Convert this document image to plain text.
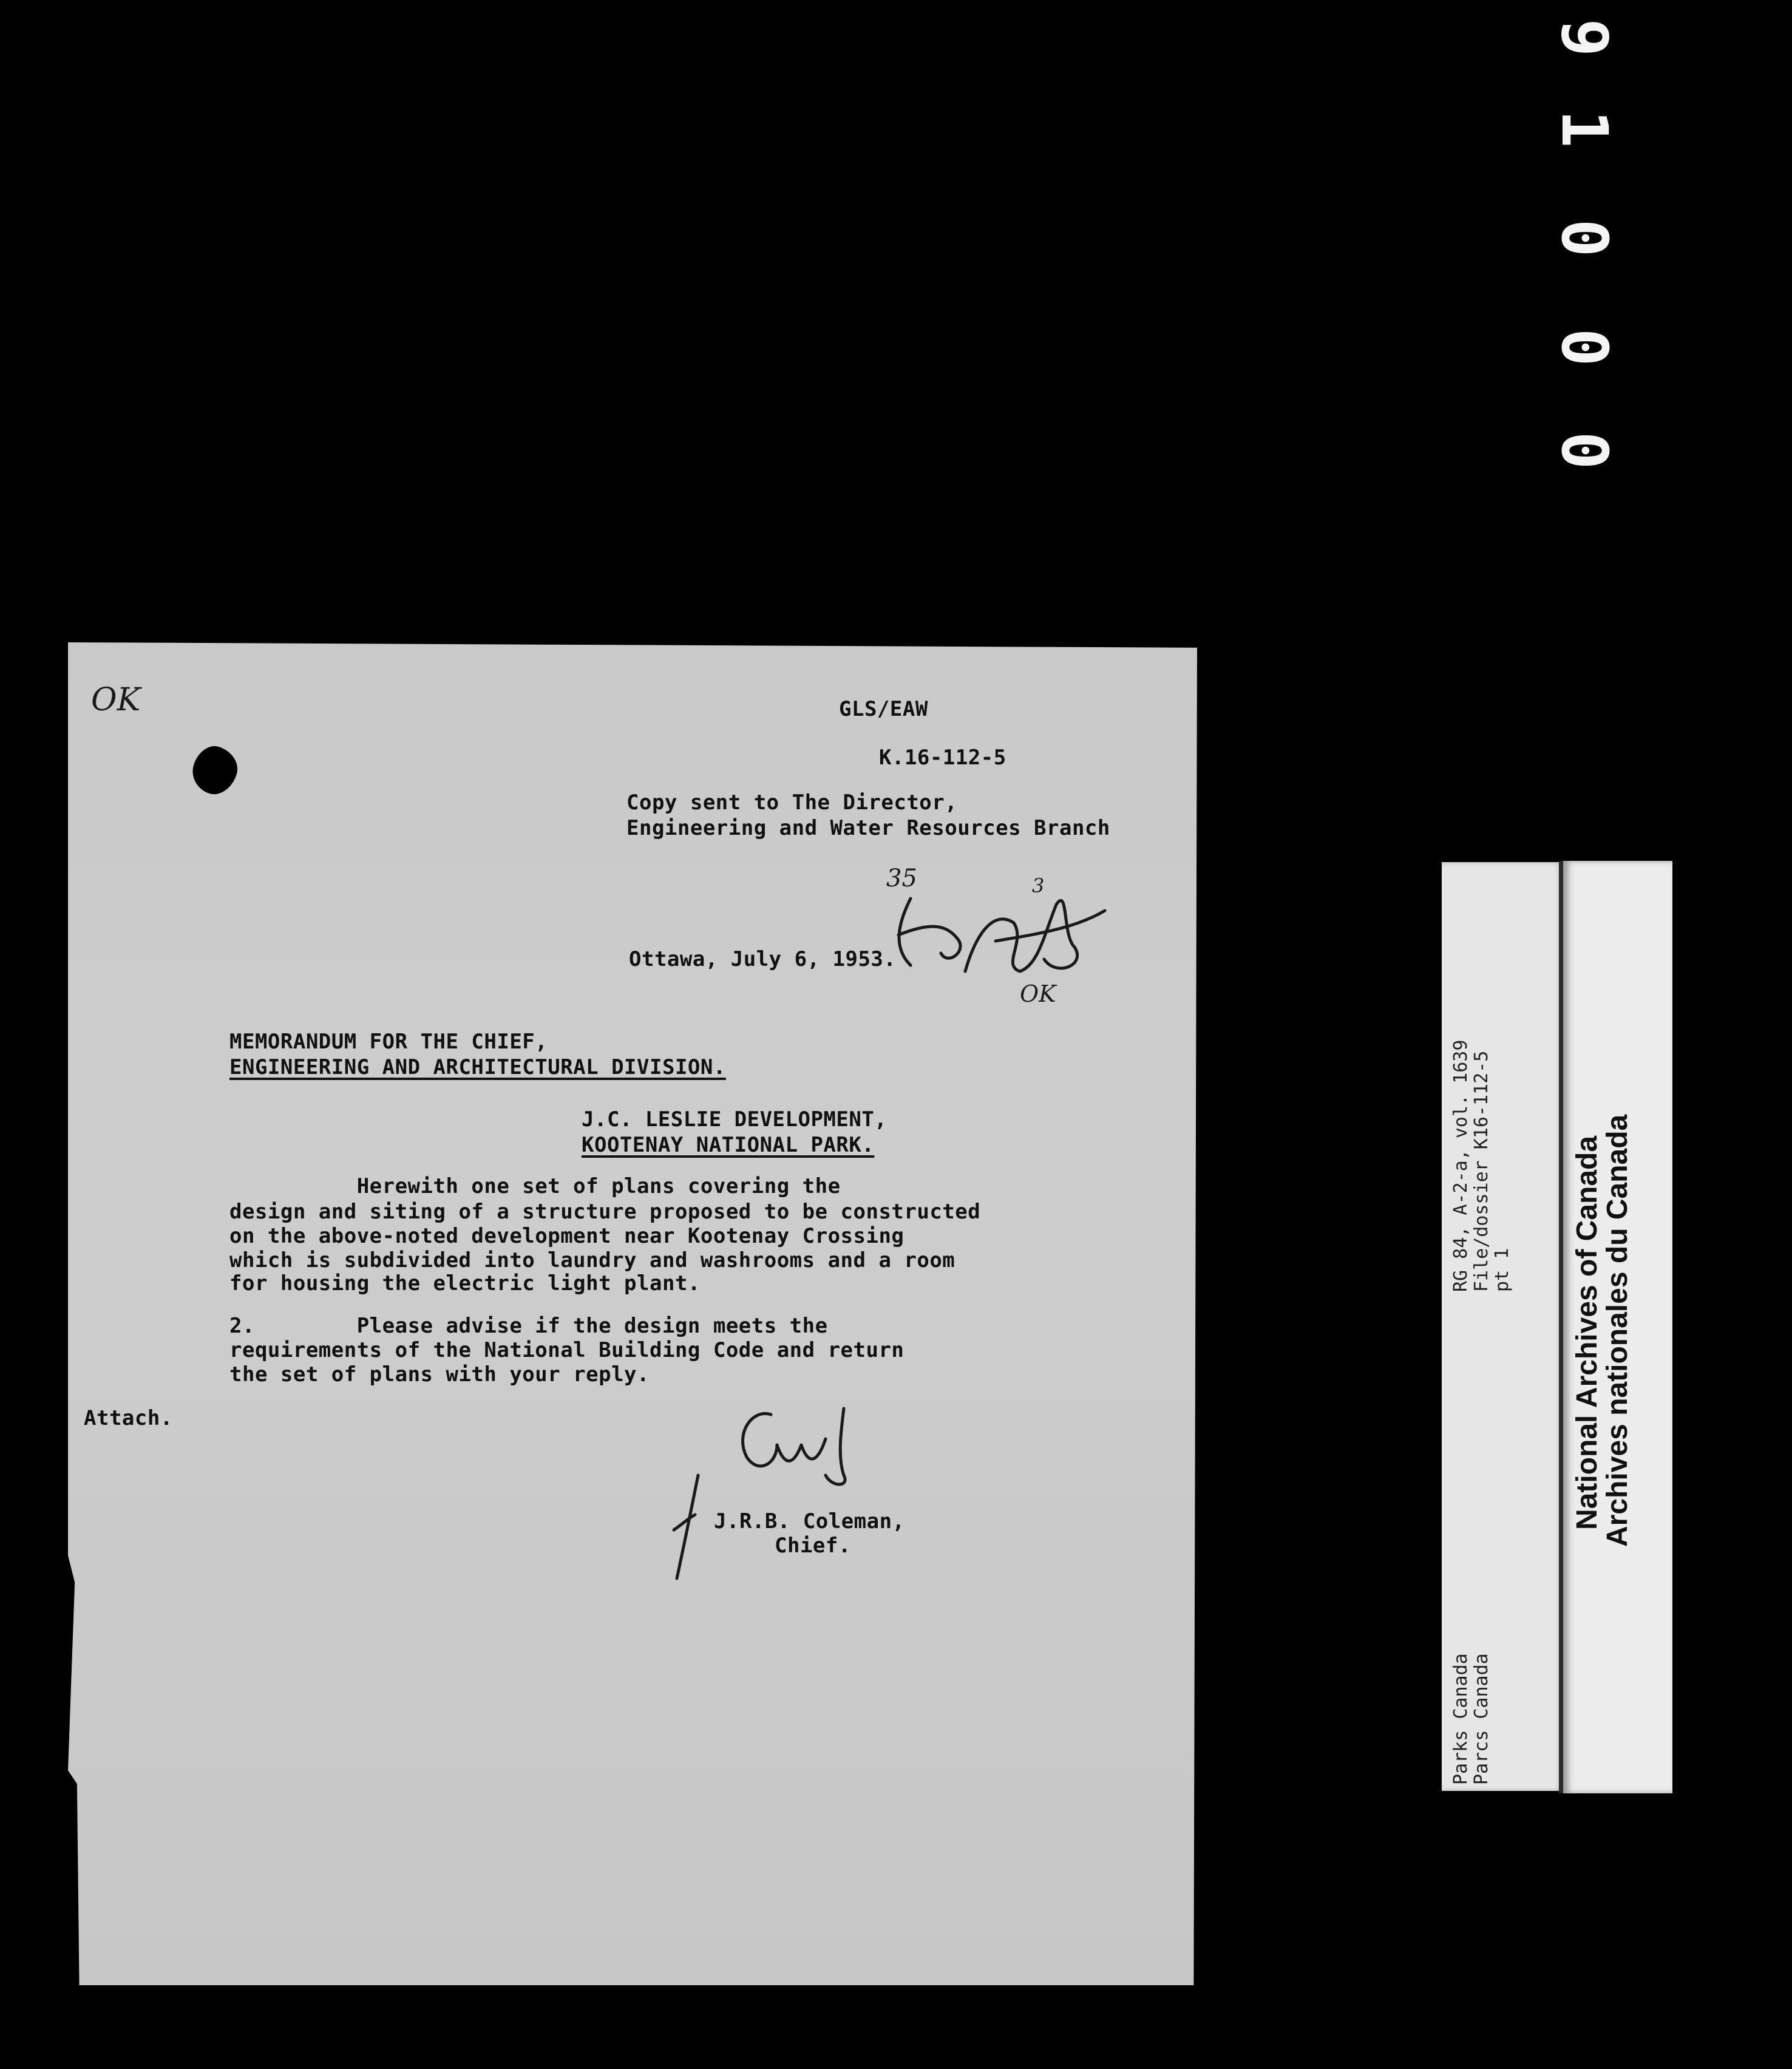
9
1
0
0
0
GLS/EAW
K.16-112-5
Copy sent to The Director,
Engineering and Water Resources Branch
Ottawa, July 6, 1953.
MEMORANDUM FOR THE CHIEF,
ENGINEERING AND ARCHITECTURAL DIVISION.
J.C. LESLIE DEVELOPMENT,
KOOTENAY NATIONAL PARK.
Herewith one set of plans covering the
design and siting of a structure proposed to be constructed
on the above-noted development near Kootenay Crossing
which is subdivided into laundry and washrooms and a room
for housing the electric light plant.
2.        Please advise if the design meets the
requirements of the National Building Code and return
the set of plans with your reply.
Attach.
J.R.B. Coleman,
Chief.
OK
35	3
OK
RG 84, A-2-a, vol. 1639 File/dossier K16-112-5 pt 1
Parks Canada Parcs Canada
National Archives of Canada
Archives nationales du Canada
